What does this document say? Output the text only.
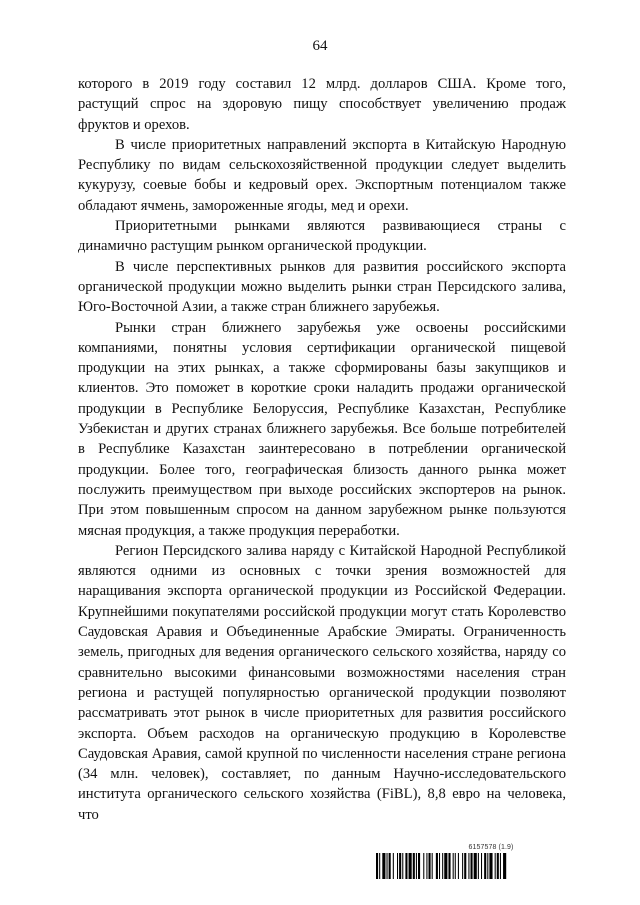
64

которого в 2019 году составил 12 млрд. долларов США. Кроме того, растущий спрос на здоровую пищу способствует увеличению продаж фруктов и орехов.

В числе приоритетных направлений экспорта в Китайскую Народную Республику по видам сельскохозяйственной продукции следует выделить кукурузу, соевые бобы и кедровый орех. Экспортным потенциалом также обладают ячмень, замороженные ягоды, мед и орехи.

Приоритетными рынками являются развивающиеся страны с динамично растущим рынком органической продукции.

В числе перспективных рынков для развития российского экспорта органической продукции можно выделить рынки стран Персидского залива, Юго-Восточной Азии, а также стран ближнего зарубежья.

Рынки стран ближнего зарубежья уже освоены российскими компаниями, понятны условия сертификации органической пищевой продукции на этих рынках, а также сформированы базы закупщиков и клиентов. Это поможет в короткие сроки наладить продажи органической продукции в Республике Белоруссия, Республике Казахстан, Республике Узбекистан и других странах ближнего зарубежья. Все больше потребителей в Республике Казахстан заинтересовано в потреблении органической продукции. Более того, географическая близость данного рынка может послужить преимуществом при выходе российских экспортеров на рынок. При этом повышенным спросом на данном зарубежном рынке пользуются мясная продукция, а также продукция переработки.

Регион Персидского залива наряду с Китайской Народной Республикой являются одними из основных с точки зрения возможностей для наращивания экспорта органической продукции из Российской Федерации. Крупнейшими покупателями российской продукции могут стать Королевство Саудовская Аравия и Объединенные Арабские Эмираты. Ограниченность земель, пригодных для ведения органического сельского хозяйства, наряду со сравнительно высокими финансовыми возможностями населения стран региона и растущей популярностью органической продукции позволяют рассматривать этот рынок в числе приоритетных для развития российского экспорта. Объем расходов на органическую продукцию в Королевстве Саудовская Аравия, самой крупной по численности населения стране региона (34 млн. человек), составляет, по данным Научно-исследовательского института органического сельского хозяйства (FiBL), 8,8 евро на человека, что

6157578 (1.9)
